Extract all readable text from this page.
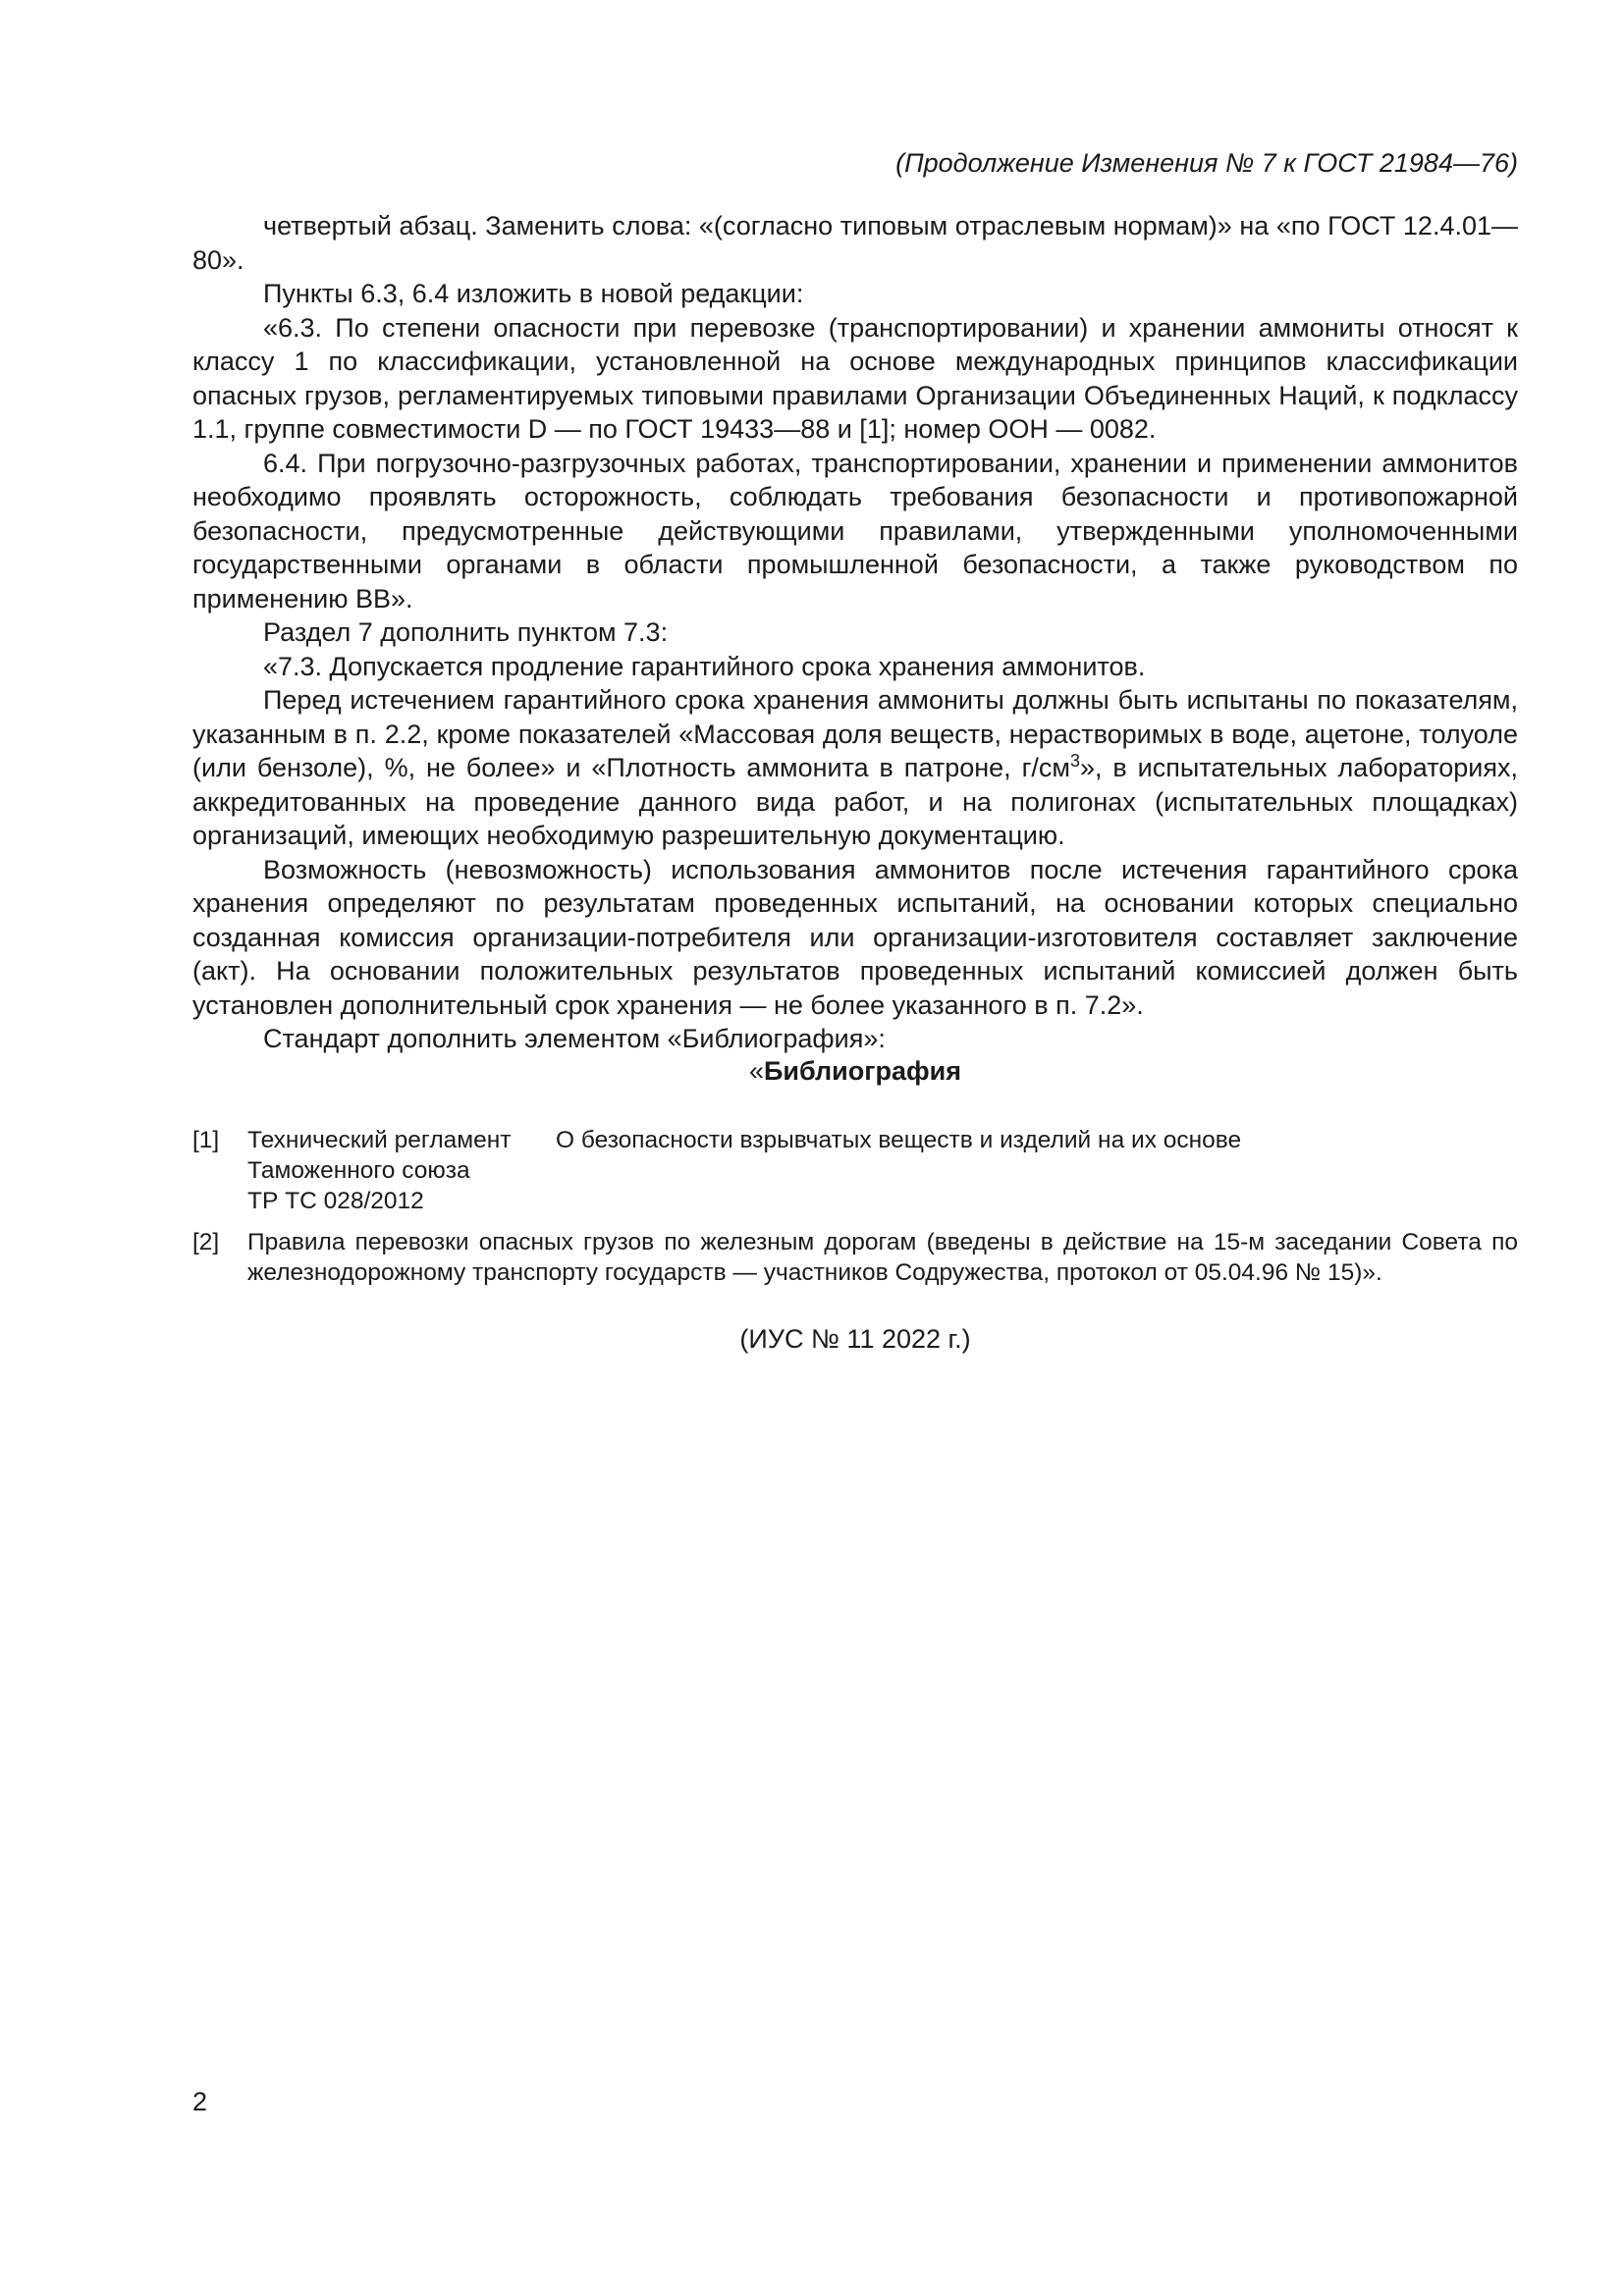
(Продолжение Изменения № 7 к ГОСТ 21984—76)

четвертый абзац. Заменить слова: «(согласно типовым отраслевым нормам)» на «по ГОСТ 12.4.01—80».

Пункты 6.3, 6.4 изложить в новой редакции:

«6.3. По степени опасности при перевозке (транспортировании) и хранении аммониты относят к классу 1 по классификации, установленной на основе международных принципов классификации опасных грузов, регламентируемых типовыми правилами Организации Объединенных Наций, к подклассу 1.1, группе совместимости D — по ГОСТ 19433—88 и [1]; номер ООН — 0082.

6.4. При погрузочно-разгрузочных работах, транспортировании, хранении и применении аммонитов необходимо проявлять осторожность, соблюдать требования безопасности и противопожарной безопасности, предусмотренные действующими правилами, утвержденными уполномоченными государственными органами в области промышленной безопасности, а также руководством по применению ВВ».

Раздел 7 дополнить пунктом 7.3:

«7.3. Допускается продление гарантийного срока хранения аммонитов.

Перед истечением гарантийного срока хранения аммониты должны быть испытаны по показателям, указанным в п. 2.2, кроме показателей «Массовая доля веществ, нерастворимых в воде, ацетоне, толуоле (или бензоле), %, не более» и «Плотность аммонита в патроне, $г/см^3$», в испытательных лабораториях, аккредитованных на проведение данного вида работ, и на полигонах (испытательных площадках) организаций, имеющих необходимую разрешительную документацию.

Возможность (невозможность) использования аммонитов после истечения гарантийного срока хранения определяют по результатам проведенных испытаний, на основании которых специально созданная комиссия организации-потребителя или организации-изготовителя составляет заключение (акт). На основании положительных результатов проведенных испытаний комиссией должен быть установлен дополнительный срок хранения — не более указанного в п. 7.2».

Стандарт дополнить элементом «Библиография»:

«Библиография
[1]	Технический регламент
Таможенного союза
ТР ТС 028/2012
О безопасности взрывчатых веществ и изделий на их основе
[2]	Правила перевозки опасных грузов по железным дорогам (введены в действие на 15-м заседании Совета по железнодорожному транспорту государств — участников Содружества, протокол от 05.04.96 № 15)».
(ИУС № 11 2022 г.)
2
